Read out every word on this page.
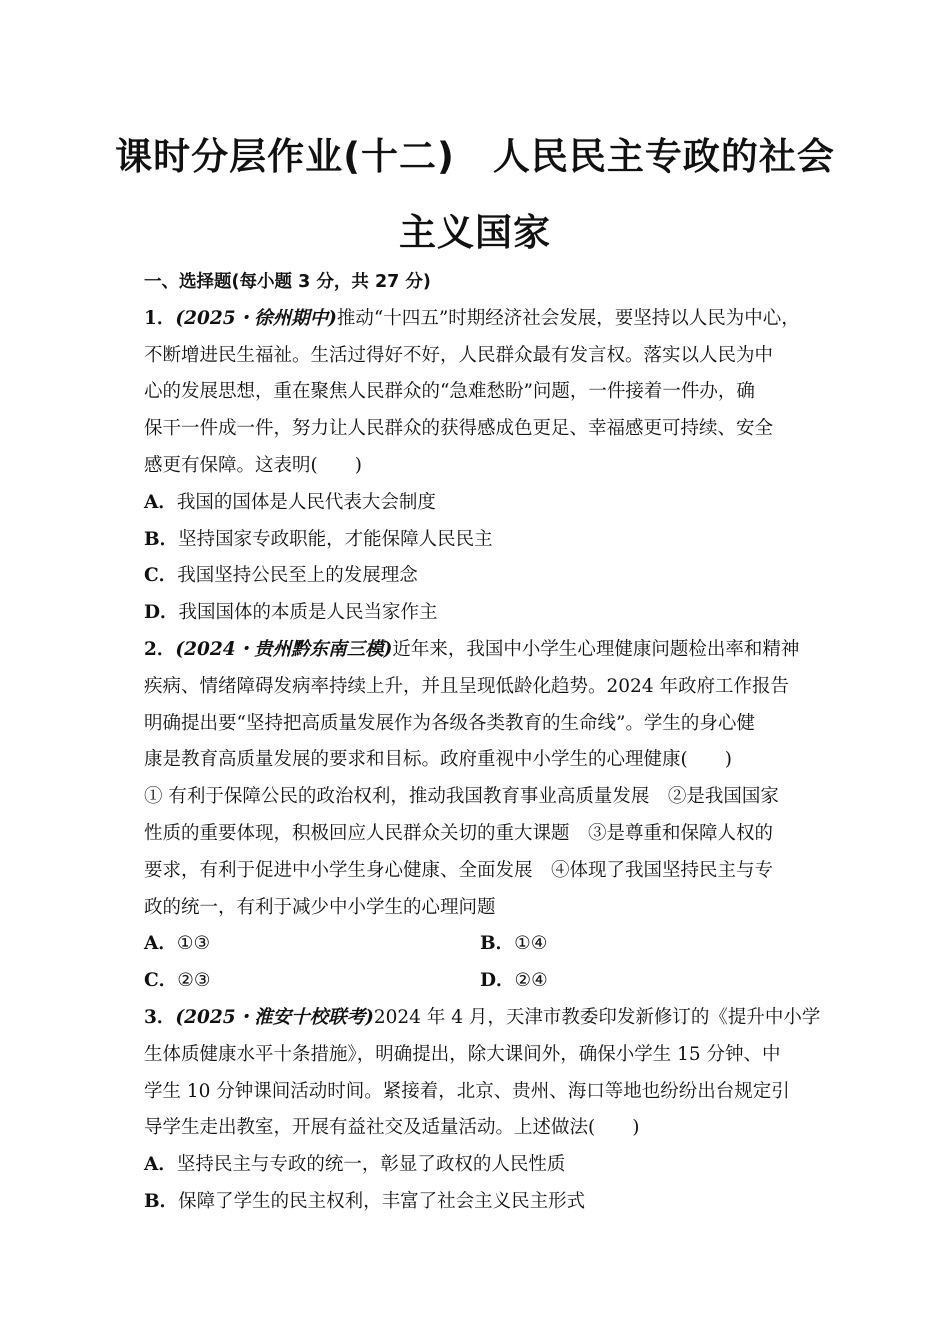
课时分层作业(十二)　人民民主专政的社会
主义国家
一、选择题(每小题 3 分，共 27 分)
1．(2025・徐州期中)推动“十四五”时期经济社会发展，要坚持以人民为中心，
不断增进民生福祉。生活过得好不好，人民群众最有发言权。落实以人民为中
心的发展思想，重在聚焦人民群众的“急难愁盼”问题，一件接着一件办，确
保干一件成一件，努力让人民群众的获得感成色更足、幸福感更可持续、安全
感更有保障。这表明(　　)
A．我国的国体是人民代表大会制度
B．坚持国家专政职能，才能保障人民民主
C．我国坚持公民至上的发展理念
D．我国国体的本质是人民当家作主
2．(2024・贵州黔东南三模)近年来，我国中小学生心理健康问题检出率和精神
疾病、情绪障碍发病率持续上升，并且呈现低龄化趋势。2024 年政府工作报告
明确提出要“坚持把高质量发展作为各级各类教育的生命线”。学生的身心健
康是教育高质量发展的要求和目标。政府重视中小学生的心理健康(　　)
① 有利于保障公民的政治权利，推动我国教育事业高质量发展　②是我国国家
性质的重要体现，积极回应人民群众关切的重大课题　③是尊重和保障人权的
要求，有利于促进中小学生身心健康、全面发展　④体现了我国坚持民主与专
政的统一，有利于减少中小学生的心理问题
A．①③	B．①④
C．②③	D．②④
3．(2025・淮安十校联考)2024 年 4 月，天津市教委印发新修订的《提升中小学
生体质健康水平十条措施》，明确提出，除大课间外，确保小学生 15 分钟、中
学生 10 分钟课间活动时间。紧接着，北京、贵州、海口等地也纷纷出台规定引
导学生走出教室，开展有益社交及适量活动。上述做法(　　)
A．坚持民主与专政的统一，彰显了政权的人民性质
B．保障了学生的民主权利，丰富了社会主义民主形式
